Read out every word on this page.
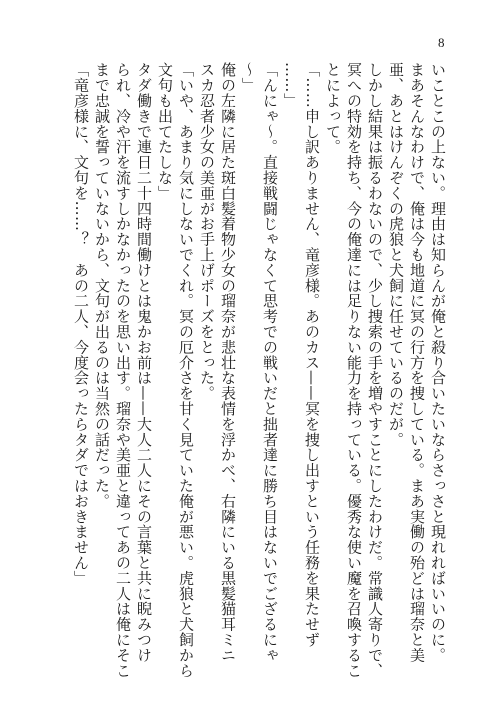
8
いことこの上ない。理由は知らんが俺と殺り合いたいならさっさと現れればいいのに。
まあそんなわけで、俺は今も地道に冥の行方を捜している。まあ実働の殆どは瑠奈と美
亜、あとはけんぞくの虎狼と犬飼に任せているのだが。
しかし結果は振るわないので、少し捜索の手を増やすことにしたわけだ。常識人寄りで、
冥への特効を持ち、今の俺達には足りない能力を持っている。優秀な使い魔を召喚するこ
とによって。
「……申し訳ありません、竜彦様。あのカス——冥を捜し出すという任務を果たせず
……」
「んにゃ～。直接戦闘じゃなくて思考での戦いだと拙者達に勝ち目はないでござるにゃ
～」
俺の左隣に居た斑白髪着物少女の瑠奈が悲壮な表情を浮かべ、右隣にいる黒髪猫耳ミニ
スカ忍者少女の美亜がお手上げポーズをとった。
「いや、あまり気にしないでくれ。冥の厄介さを甘く見ていた俺が悪い。虎狼と犬飼から
文句も出てたしな」
タダ働きで連日二十四時間働けとは鬼かお前は——大人二人にその言葉と共に睨みつけ
られ、冷や汗を流すしかなかったのを思い出す。瑠奈や美亜と違ってあの二人は俺にそこ
まで忠誠を誓っていないから、文句が出るのは当然の話だった。
「竜彦様に、文句を……？　あの二人、今度会ったらタダではおきません」
